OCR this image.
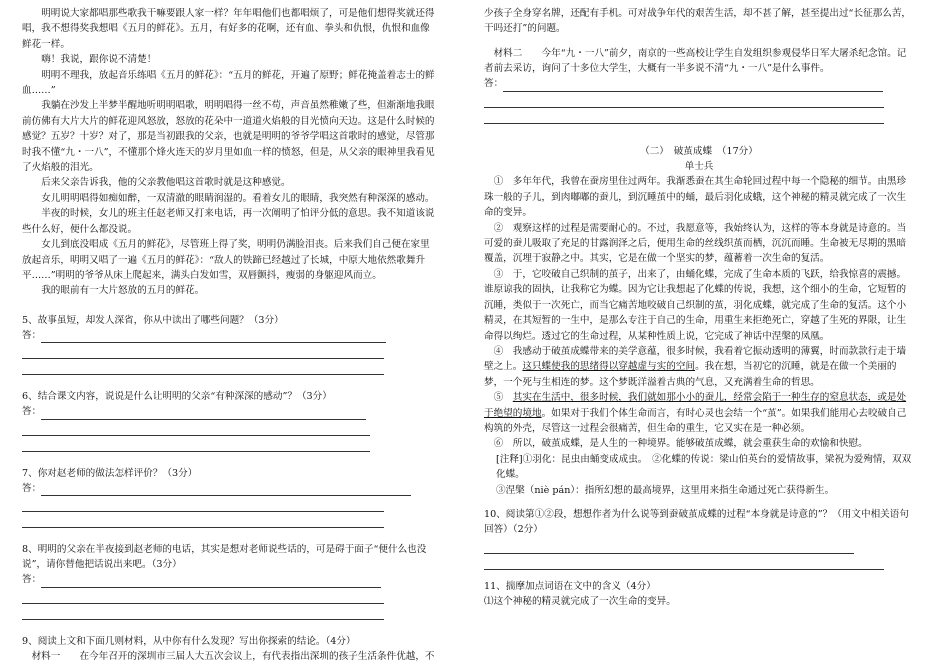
明明说大家都唱那些歌我干嘛要跟人家一样？年年唱他们也都唱烦了，可是他们想得奖就还得唱，我不想得奖我想唱《五月的鲜花》。五月，有好多的花啊，还有血、拳头和仇恨，仇恨和血像鲜花一样。

嗨！我说，跟你说不清楚！

明明不理我，放起音乐练唱《五月的鲜花》：“五月的鲜花，开遍了原野；鲜花掩盖着志士的鲜血……”

我躺在沙发上半梦半醒地听明明唱歌，明明唱得一丝不苟，声音虽然稚嫩了些，但渐渐地我眼前仿佛有大片大片的鲜花迎风怒放，怒放的花朵中一道道火焰般的目光愤向天边。这是什么时候的感觉？五岁？十岁？对了，那是当初跟我的父亲，也就是明明的爷爷学唱这首歌时的感觉，尽管那时我不懂“九・一八”，不懂那个烽火连天的岁月里如血一样的愤怒，但是，从父亲的眼神里我看见了火焰般的泪光。

后来父亲告诉我，他的父亲教他唱这首歌时就是这种感觉。

女儿明明唱得如痴如醉，一双清澈的眼睛润湿的。看着女儿的眼睛，我突然有种深深的感动。

半夜的时候，女儿的班主任赵老师又打来电话，再一次阐明了怕评分低的意思。我不知道该说些什么好，便什么都没说。

女儿到底没唱成《五月的鲜花》，尽管班上得了奖，明明仍满脸泪丧。后来我们自己便在家里放起音乐，明明又唱了一遍《五月的鲜花》：“敌人的铁蹄已经越过了长城，中原大地依然歌舞升平……”明明的爷爷从床上爬起来，满头白发如雪，双唇颤抖，瘦弱的身躯迎风而立。

我的眼前有一大片怒放的五月的鲜花。

5、故事虽短，却发人深省，你从中读出了哪些问题？（3分）

答：

6、结合课文内容，说说是什么让明明的父亲“有种深深的感动”？（3分）

答：

7、你对赵老师的做法怎样评价？（3分）

答：

8、明明的父亲在半夜接到赵老师的电话，其实是想对老师说些话的，可是碍于面子“便什么也没说”，请你替他把话说出来吧。（3分）

答：

9、阅读上文和下面几则材料，从中你有什么发现？写出你探索的结论。（4分）

材料一　　在今年召开的深圳市三届人大五次会议上，有代表指出深圳的孩子生活条件优越，不

少孩子全身穿名牌，还配有手机。可对战争年代的艰苦生活，却不甚了解，甚至提出过“长征那么苦，干吗还打”的问题。

材料二　　今年“九・一八”前夕，南京的一些高校让学生自发组织参观侵华日军大屠杀纪念馆。记者前去采访，询问了十多位大学生，大概有一半多说不清“九・一八”是什么事件。

答：

（二）　破茧成蝶　（17分）

单士兵

①　多年年代，我曾在蚕房里住过两年。我渐悉蚕在其生命轮回过程中每一个隐秘的细节。由黑珍珠一般的子儿，到肉嘟嘟的蚕儿，到沉睡茧中的蛹，最后羽化成蛾，这个神秘的精灵就完成了一次生命的变异。

②　观察这样的过程是需要耐心的。不过，我愿意等，我始终认为，这样的等本身就是诗意的。当可爱的蚕儿吸取了充足的甘露润泽之后，便用生命的丝线织茧而栖，沉沉而睡。生命被无尽期的黑暗覆盖，沉埋于寂静之中。其实，它是在做一个坚实的梦，蕴蓄着一次生命的复活。

③　于，它咬破自己织制的茧子，出来了，由蛹化蝶，完成了生命本质的飞跃，给我惊喜的震撼。谁原谅我的固执，让我称它为蝶。因为它让我想起了化蝶的传说，我想，这个细小的生命，它短暂的沉睡，类似于一次死亡，而当它痛苦地咬破自己织制的茧，羽化成蝶，就完成了生命的复活。这个小精灵，在其短暂的一生中，是那么专注于自己的生命，用重生来拒绝死亡，穿越了生死的界限，让生命得以绚烂。透过它的生命过程，从某种性质上说，它完成了神话中涅槃的凤凰。

④　我感动于破茧成蝶带来的美学意蕴，很多时候，我看着它振动透明的薄翼，时而款款行走于墙壁之上。这只蝶使我的思绪得以穿越虚与实的空间。我在想，当初它的沉睡，就是在做一个美丽的梦，一个死与生相连的梦。这个梦既洋溢着古典的气息，又充满着生命的哲思。

⑤　其实在生活中，很多时候，我们就如那小小的蚕儿，经常会陷于一种生存的窒息状态，或是处于绝望的境地。如果对于我们个体生命而言，有时心灵也会结一个“茧”。如果我们能用心去咬破自己构筑的外壳，尽管这一过程会很痛苦，但生命的重生，它又实在是一种必须。

⑥　所以，破茧成蝶，是人生的一种境界。能够破茧成蝶，就会重获生命的欢愉和快慰。

[注释]①羽化：昆虫由蛹变成成虫。　②化蝶的传说：梁山伯英台的爱情故事，梁祝为爱殉情，双双化蝶。

③涅槃（niè pán）：指所幻想的最高境界，这里用来指生命通过死亡获得新生。

10、阅读第①②段，想想作者为什么说等到蚕破茧成蝶的过程“本身就是诗意的”？（用文中相关语句回答）（2分）

11、揣摩加点词语在文中的含义（4分）

⑴这个神秘的精灵就完成了一次生命的变异。
